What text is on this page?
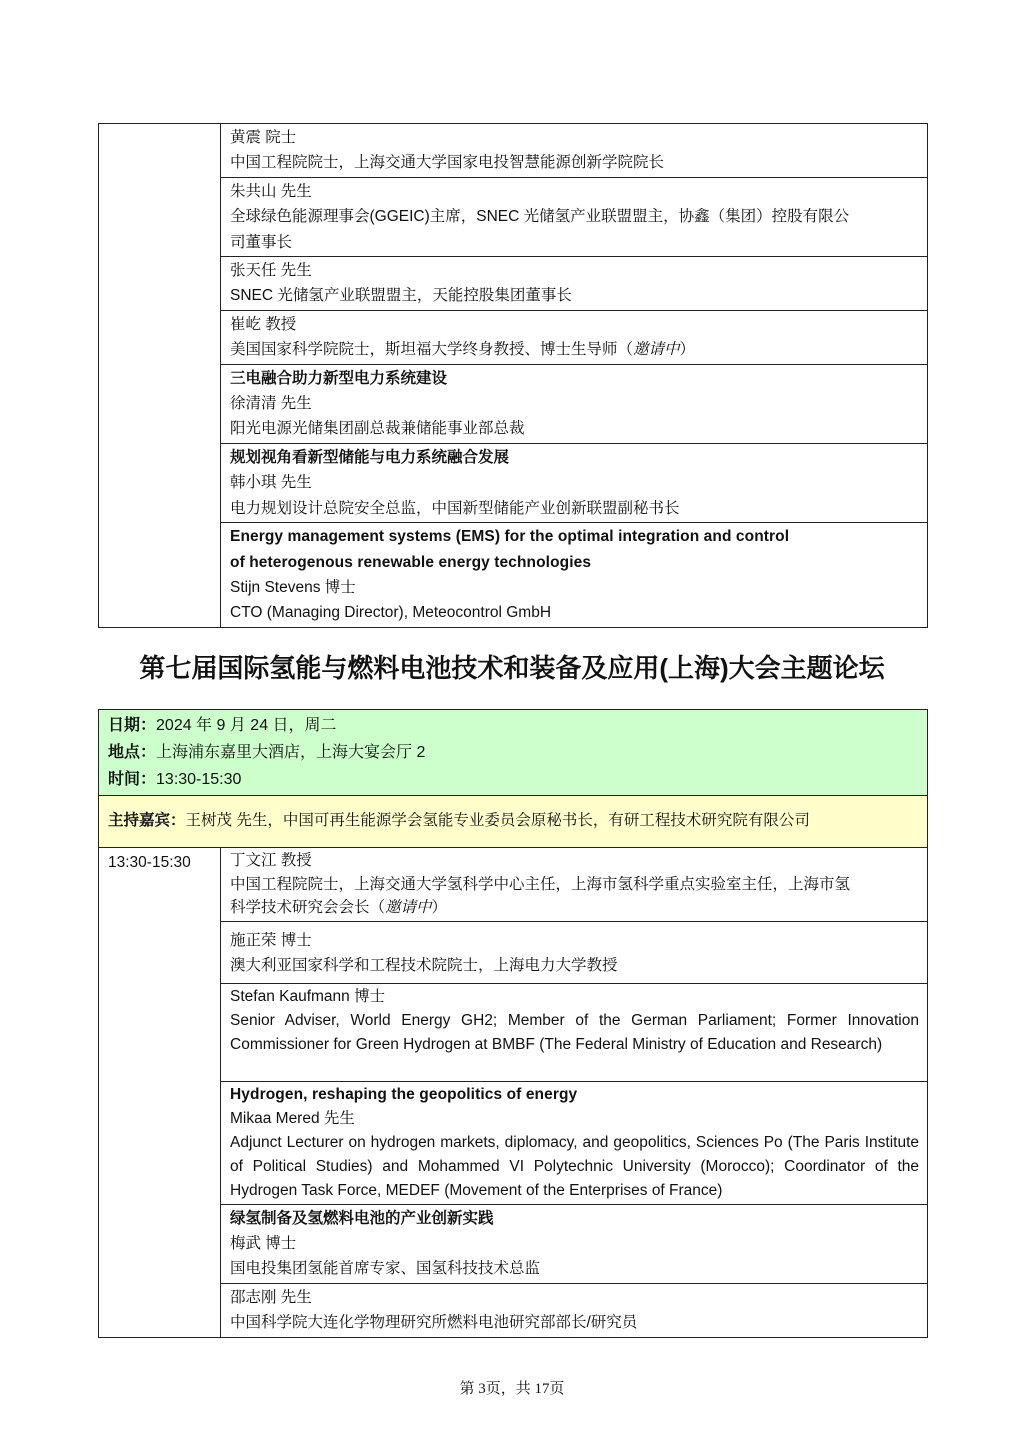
黄震 院士
中国工程院院士，上海交通大学国家电投智慧能源创新学院院长

朱共山 先生
全球绿色能源理事会(GGEIC)主席，SNEC 光储氢产业联盟盟主，协鑫（集团）控股有限公
司董事长

张天任 先生
SNEC 光储氢产业联盟盟主，天能控股集团董事长

崔屹 教授
美国国家科学院院士，斯坦福大学终身教授、博士生导师（邀请中）

三电融合助力新型电力系统建设
徐清清 先生
阳光电源光储集团副总裁兼储能事业部总裁

规划视角看新型储能与电力系统融合发展
韩小琪 先生
电力规划设计总院安全总监，中国新型储能产业创新联盟副秘书长

Energy management systems (EMS) for the optimal integration and control
of heterogenous renewable energy technologies
Stijn Stevens 博士
CTO (Managing Director), Meteocontrol GmbH
第七届国际氢能与燃料电池技术和装备及应用(上海)大会主题论坛
日期：2024 年 9 月 24 日，周二
地点：上海浦东嘉里大酒店，上海大宴会厅 2
时间：13:30-15:30

主持嘉宾：王树茂 先生，中国可再生能源学会氢能专业委员会原秘书长，有研工程技术研究院有限公司

13:30-15:30	丁文江 教授
中国工程院院士，上海交通大学氢科学中心主任，上海市氢科学重点实验室主任，上海市氢
科学技术研究会会长（邀请中）

施正荣 博士
澳大利亚国家科学和工程技术院院士，上海电力大学教授

Stefan Kaufmann 博士
Senior Adviser, World Energy GH2; Member of the German Parliament; Former Innovation Commissioner for Green Hydrogen at BMBF (The Federal Ministry of Education and Research)

Hydrogen, reshaping the geopolitics of energy
Mikaa Mered 先生
Adjunct Lecturer on hydrogen markets, diplomacy, and geopolitics, Sciences Po (The Paris Institute of Political Studies) and Mohammed VI Polytechnic University (Morocco); Coordinator of the Hydrogen Task Force, MEDEF (Movement of the Enterprises of France)

绿氢制备及氢燃料电池的产业创新实践
梅武 博士
国电投集团氢能首席专家、国氢科技技术总监

邵志刚 先生
中国科学院大连化学物理研究所燃料电池研究部部长/研究员
第 3页，共 17页
